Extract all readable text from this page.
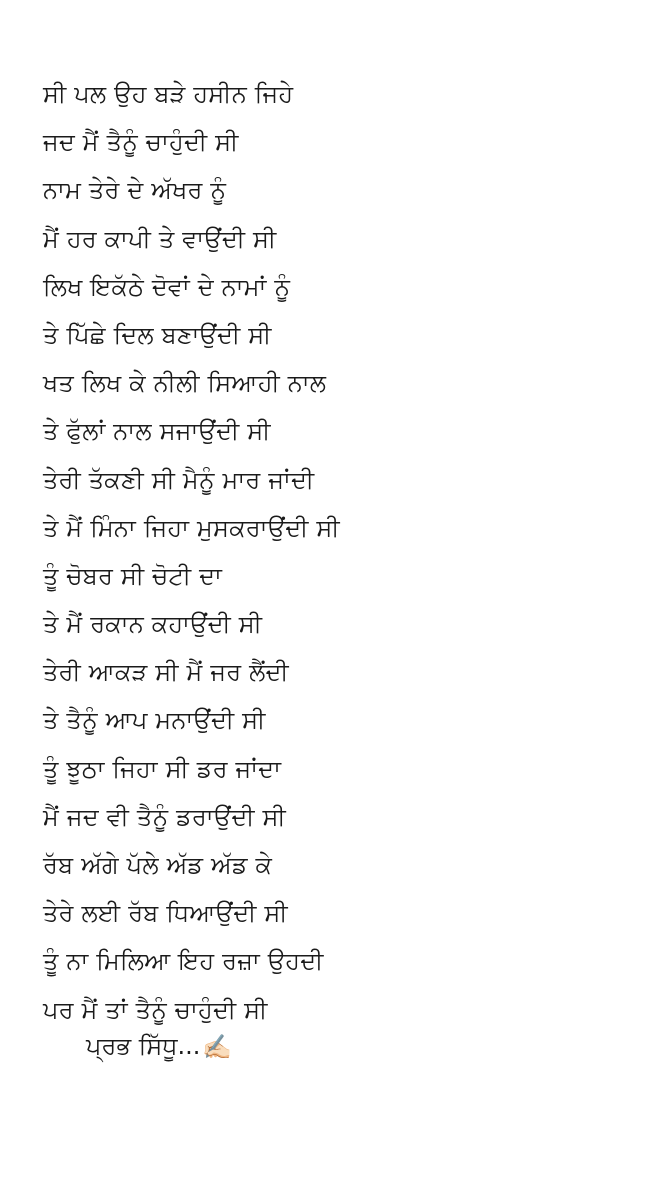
ਸੀ ਪਲ ਉਹ ਬੜੇ ਹਸੀਨ ਜਿਹੇ
ਜਦ ਮੈਂ ਤੈਨੂੰ ਚਾਹੁੰਦੀ ਸੀ
ਨਾਮ ਤੇਰੇ ਦੇ ਅੱਖਰ ਨੂੰ
ਮੈਂ ਹਰ ਕਾਪੀ ਤੇ ਵਾਉਂਦੀ ਸੀ
ਲਿਖ ਇਕੱਠੇ ਦੋਵਾਂ ਦੇ ਨਾਮਾਂ ਨੂੰ
ਤੇ ਪਿੱਛੇ ਦਿਲ ਬਣਾਉਂਦੀ ਸੀ
ਖਤ ਲਿਖ ਕੇ ਨੀਲੀ ਸਿਆਹੀ ਨਾਲ
ਤੇ ਫੁੱਲਾਂ ਨਾਲ ਸਜਾਉਂਦੀ ਸੀ
ਤੇਰੀ ਤੱਕਣੀ ਸੀ ਮੈਨੂੰ ਮਾਰ ਜਾਂਦੀ
ਤੇ ਮੈਂ ਮਿੰਨਾ ਜਿਹਾ ਮੁਸਕਰਾਉਂਦੀ ਸੀ
ਤੂੰ ਚੋਬਰ ਸੀ ਚੋਟੀ ਦਾ
ਤੇ ਮੈਂ ਰਕਾਨ ਕਹਾਉਂਦੀ ਸੀ
ਤੇਰੀ ਆਕੜ ਸੀ ਮੈਂ ਜਰ ਲੈਂਦੀ
ਤੇ ਤੈਨੂੰ ਆਪ ਮਨਾਉਂਦੀ ਸੀ
ਤੂੰ ਝੂਠਾ ਜਿਹਾ ਸੀ ਡਰ ਜਾਂਦਾ
ਮੈਂ ਜਦ ਵੀ ਤੈਨੂੰ ਡਰਾਉਂਦੀ ਸੀ
ਰੱਬ ਅੱਗੇ ਪੱਲੇ ਅੱਡ ਅੱਡ ਕੇ
ਤੇਰੇ ਲਈ ਰੱਬ ਧਿਆਉਂਦੀ ਸੀ
ਤੂੰ ਨਾ ਮਿਲਿਆ ਇਹ ਰਜ਼ਾ ਉਹਦੀ
ਪਰ ਮੈਂ ਤਾਂ ਤੈਨੂੰ ਚਾਹੁੰਦੀ ਸੀ
ਪ੍ਰਭ ਸਿੱਧੂ...✍🏻
